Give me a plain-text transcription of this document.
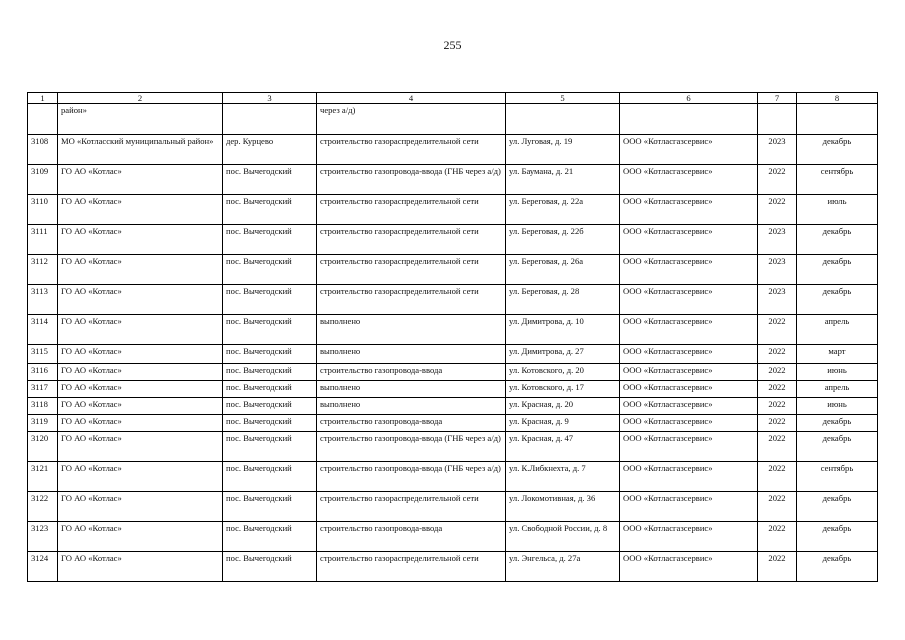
255
1	2	3	4	5	6	7	8
	район»		через а/д)				
3108	МО «Котласский муниципальный район»	дер. Курцево	строительство газораспределительной сети	ул. Луговая, д. 19	ООО «Котласгазсервис»	2023	декабрь
3109	ГО АО «Котлас»	пос. Вычегодский	строительство газопровода-ввода (ГНБ через а/д)	ул. Баумана, д. 21	ООО «Котласгазсервис»	2022	сентябрь
3110	ГО АО «Котлас»	пос. Вычегодский	строительство газораспределительной сети	ул. Береговая, д. 22а	ООО «Котласгазсервис»	2022	июль
3111	ГО АО «Котлас»	пос. Вычегодский	строительство газораспределительной сети	ул. Береговая, д. 22б	ООО «Котласгазсервис»	2023	декабрь
3112	ГО АО «Котлас»	пос. Вычегодский	строительство газораспределительной сети	ул. Береговая, д. 26а	ООО «Котласгазсервис»	2023	декабрь
3113	ГО АО «Котлас»	пос. Вычегодский	строительство газораспределительной сети	ул. Береговая, д. 28	ООО «Котласгазсервис»	2023	декабрь
3114	ГО АО «Котлас»	пос. Вычегодский	выполнено	ул. Димитрова, д. 10	ООО «Котласгазсервис»	2022	апрель
3115	ГО АО «Котлас»	пос. Вычегодский	выполнено	ул. Димитрова, д. 27	ООО «Котласгазсервис»	2022	март
3116	ГО АО «Котлас»	пос. Вычегодский	строительство газопровода-ввода	ул. Котовского, д. 20	ООО «Котласгазсервис»	2022	июнь
3117	ГО АО «Котлас»	пос. Вычегодский	выполнено	ул. Котовского, д. 17	ООО «Котласгазсервис»	2022	апрель
3118	ГО АО «Котлас»	пос. Вычегодский	выполнено	ул. Красная, д. 20	ООО «Котласгазсервис»	2022	июнь
3119	ГО АО «Котлас»	пос. Вычегодский	строительство газопровода-ввода	ул. Красная, д. 9	ООО «Котласгазсервис»	2022	декабрь
3120	ГО АО «Котлас»	пос. Вычегодский	строительство газопровода-ввода (ГНБ через а/д)	ул. Красная, д. 47	ООО «Котласгазсервис»	2022	декабрь
3121	ГО АО «Котлас»	пос. Вычегодский	строительство газопровода-ввода (ГНБ через а/д)	ул. К.Либкнехта, д. 7	ООО «Котласгазсервис»	2022	сентябрь
3122	ГО АО «Котлас»	пос. Вычегодский	строительство газораспределительной сети	ул. Локомотивная, д. 36	ООО «Котласгазсервис»	2022	декабрь
3123	ГО АО «Котлас»	пос. Вычегодский	строительство газопровода-ввода	ул. Свободной России, д. 8	ООО «Котласгазсервис»	2022	декабрь
3124	ГО АО «Котлас»	пос. Вычегодский	строительство газораспределительной сети	ул. Энгельса, д. 27а	ООО «Котласгазсервис»	2022	декабрь
